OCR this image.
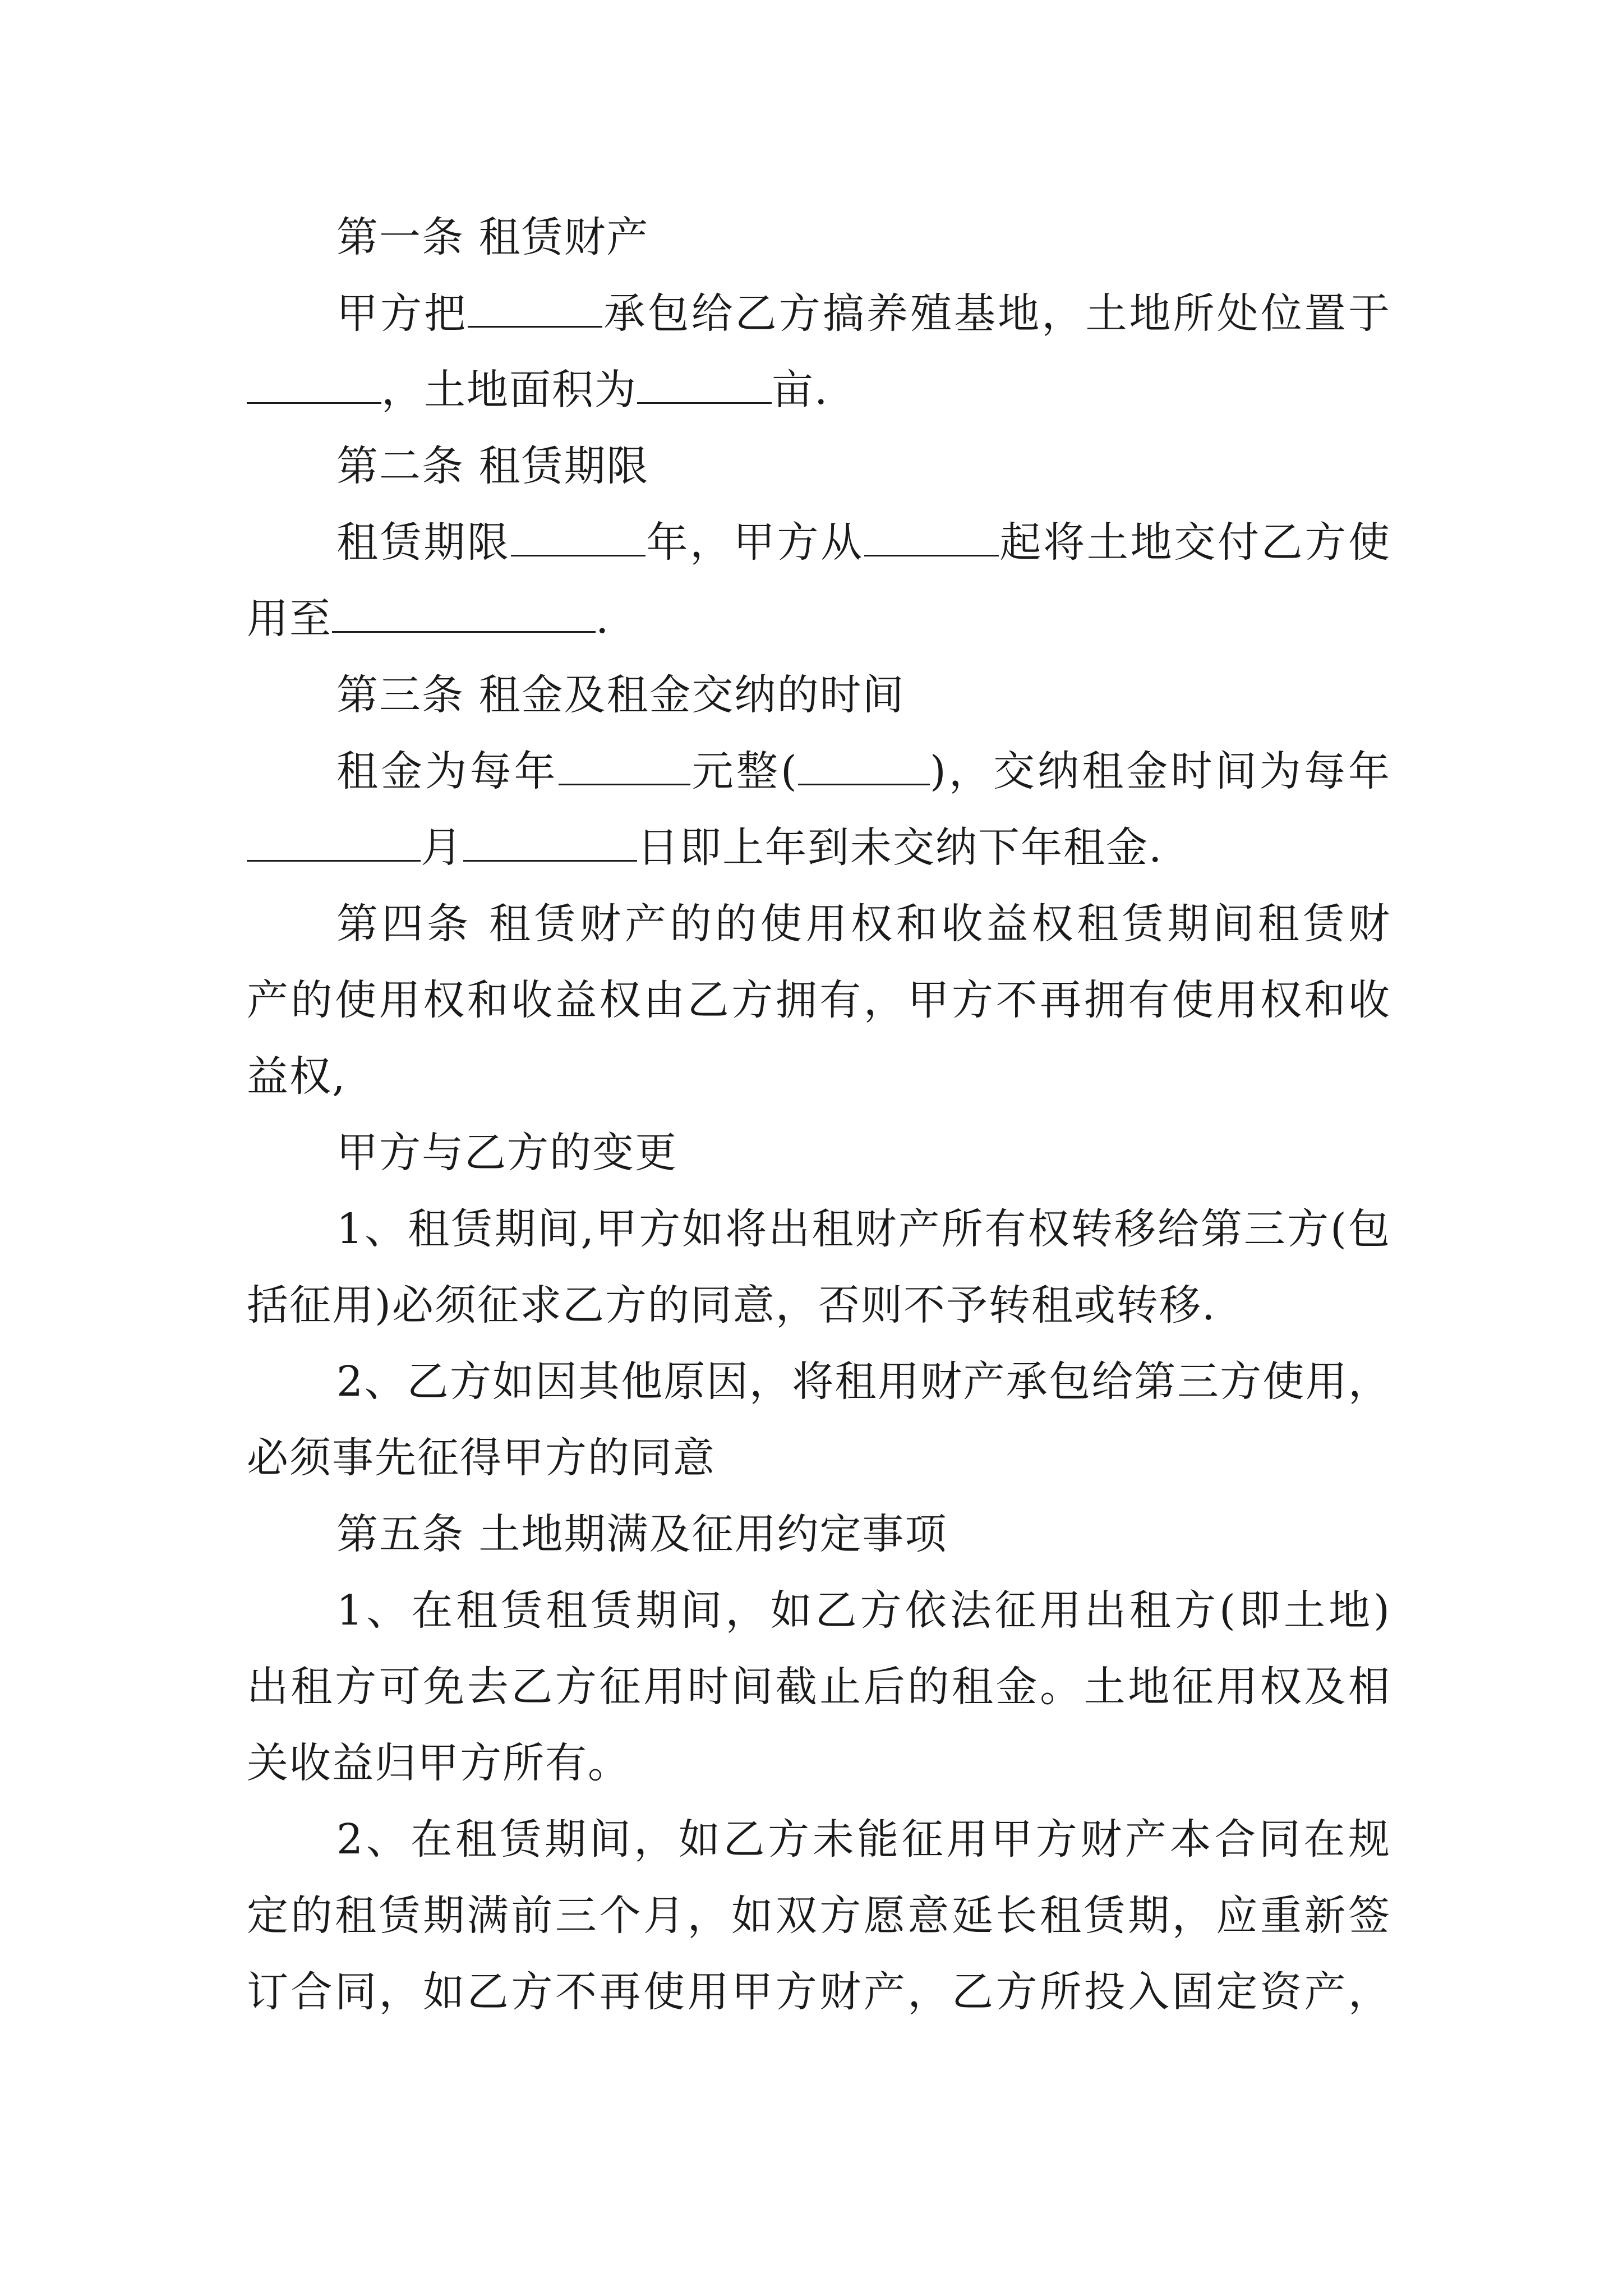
第一条 租赁财产
甲方把	承包给乙方搞养殖基地，土地所处位置于
，土地面积为	亩.
第二条 租赁期限
租赁期限	年，甲方从	起将土地交付乙方使
用至	.
第三条 租金及租金交纳的时间
租金为每年	元整(	)，交纳租金时间为每年
月	日即上年到未交纳下年租金.
第四条 租赁财产的的使用权和收益权租赁期间租赁财
产的使用权和收益权由乙方拥有，甲方不再拥有使用权和收
益权,
甲方与乙方的变更
1、租赁期间,甲方如将出租财产所有权转移给第三方(包
括征用)必须征求乙方的同意，否则不予转租或转移.
2、乙方如因其他原因，将租用财产承包给第三方使用，
必须事先征得甲方的同意
第五条 土地期满及征用约定事项
1、在租赁租赁期间，如乙方依法征用出租方(即土地)
出租方可免去乙方征用时间截止后的租金。土地征用权及相
关收益归甲方所有。
2、在租赁期间，如乙方未能征用甲方财产本合同在规
定的租赁期满前三个月，如双方愿意延长租赁期，应重新签
订合同，如乙方不再使用甲方财产，乙方所投入固定资产，
